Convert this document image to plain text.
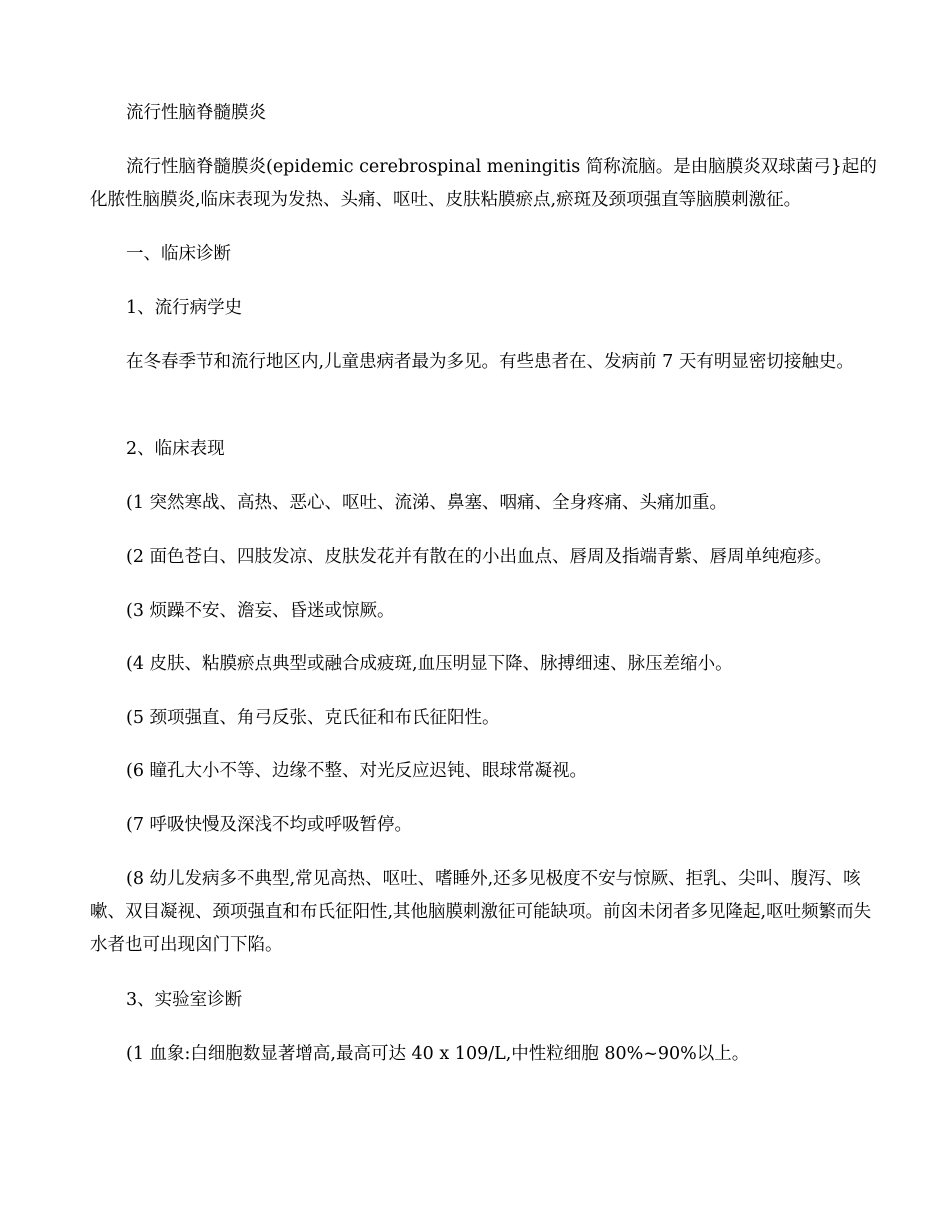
流行性脑脊髓膜炎

流行性脑脊髓膜炎(epidemic cerebrospinal meningitis 简称流脑。是由脑膜炎双球菌弓}起的化脓性脑膜炎,临床表现为发热、头痛、呕吐、皮肤粘膜瘀点,瘀斑及颈项强直等脑膜刺激征。

一、临床诊断

1、流行病学史

在冬春季节和流行地区内,儿童患病者最为多见。有些患者在、发病前 7 天有明显密切接触史。

2、临床表现

(1 突然寒战、高热、恶心、呕吐、流涕、鼻塞、咽痛、全身疼痛、头痛加重。

(2 面色苍白、四肢发凉、皮肤发花并有散在的小出血点、唇周及指端青紫、唇周单纯疱疹。

(3 烦躁不安、澹妄、昏迷或惊厥。

(4 皮肤、粘膜瘀点典型或融合成疲斑,血压明显下降、脉搏细速、脉压差缩小。

(5 颈项强直、角弓反张、克氏征和布氏征阳性。

(6 瞳孔大小不等、边缘不整、对光反应迟钝、眼球常凝视。

(7 呼吸快慢及深浅不均或呼吸暂停。

(8 幼儿发病多不典型,常见高热、呕吐、嗜睡外,还多见极度不安与惊厥、拒乳、尖叫、腹泻、咳嗽、双目凝视、颈项强直和布氏征阳性,其他脑膜刺激征可能缺项。前囟未闭者多见隆起,呕吐频繁而失水者也可出现囟门下陷。

3、实验室诊断

(1 血象:白细胞数显著增高,最高可达 40 x 109/L,中性粒细胞 80%~90%以上。
